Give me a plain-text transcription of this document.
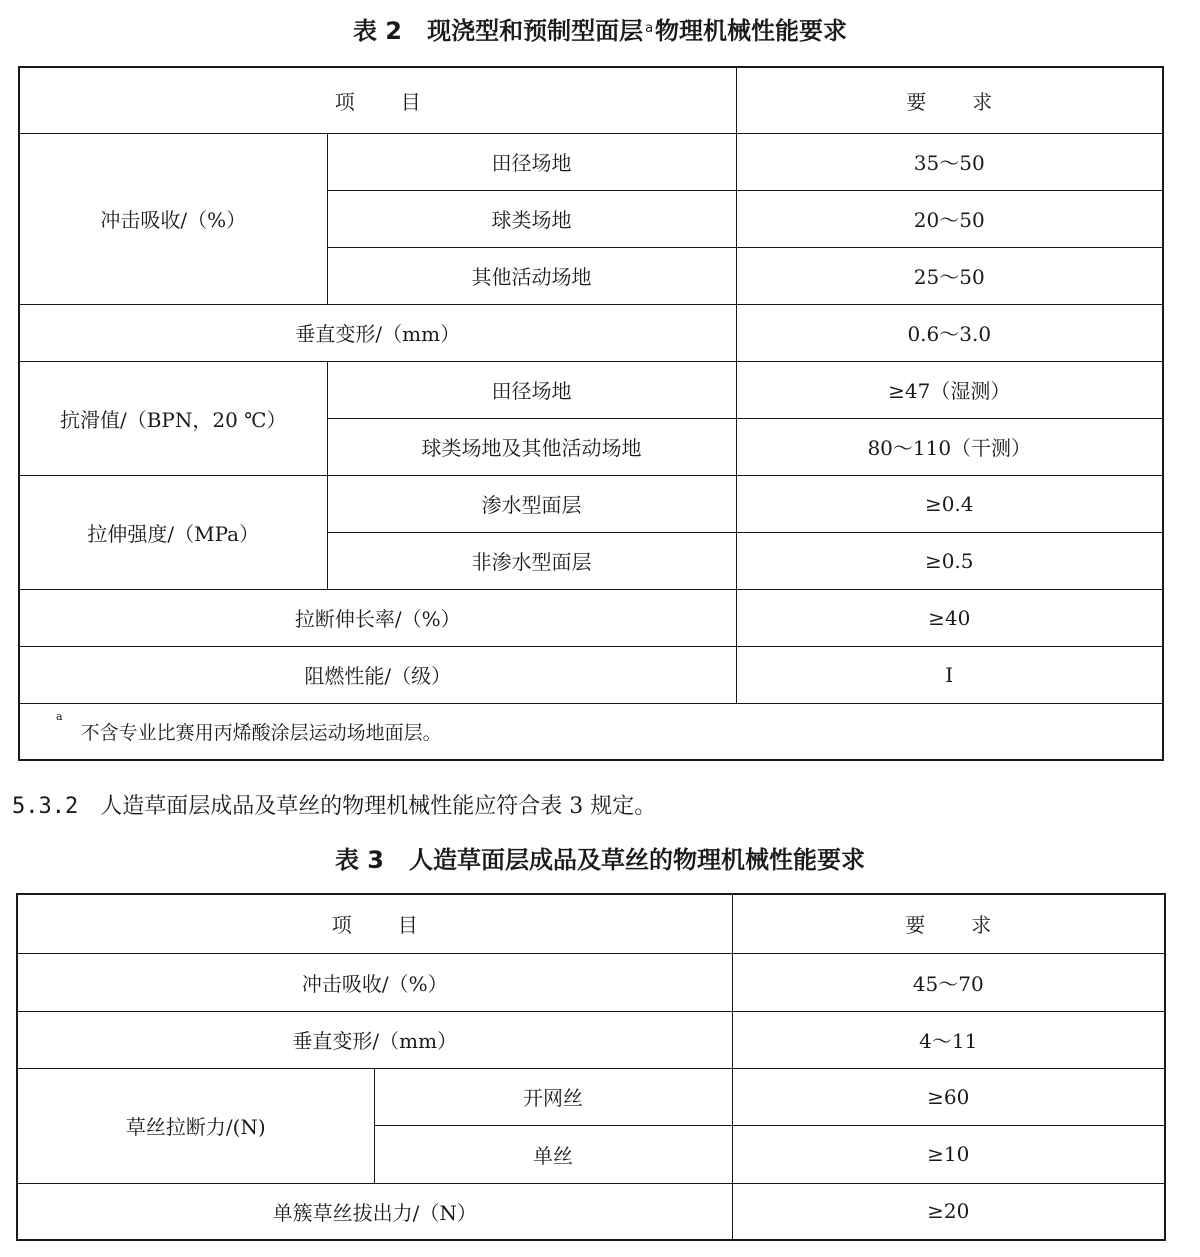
表 2   现浇型和预制型面层 $^a$物理机械性能要求
项 目		要 求
冲击吸收/（%）	田径场地	35～50
	球类场地	20～50
	其他活动场地	25～50
垂直变形/（mm）		0.6～3.0
抗滑值/（BPN，20 ℃）	田径场地	≥47（湿测）
	球类场地及其他活动场地	80～110（干测）
拉伸强度/（MPa）	渗水型面层	≥0.4
	非渗水型面层	≥0.5
拉断伸长率/（%）		≥40
阻燃性能/（级）		I
$^a$不含专业比赛用丙烯酸涂层运动场地面层。		
5.3.2 人造草面层成品及草丝的物理机械性能应符合表 3 规定。
表 3   人造草面层成品及草丝的物理机械性能要求
项 目		要 求
冲击吸收/（%）		45～70
垂直变形/（mm）		4～11
草丝拉断力/(N)	开网丝	≥60
	单丝	≥10
单簇草丝拔出力/（N）		≥20
